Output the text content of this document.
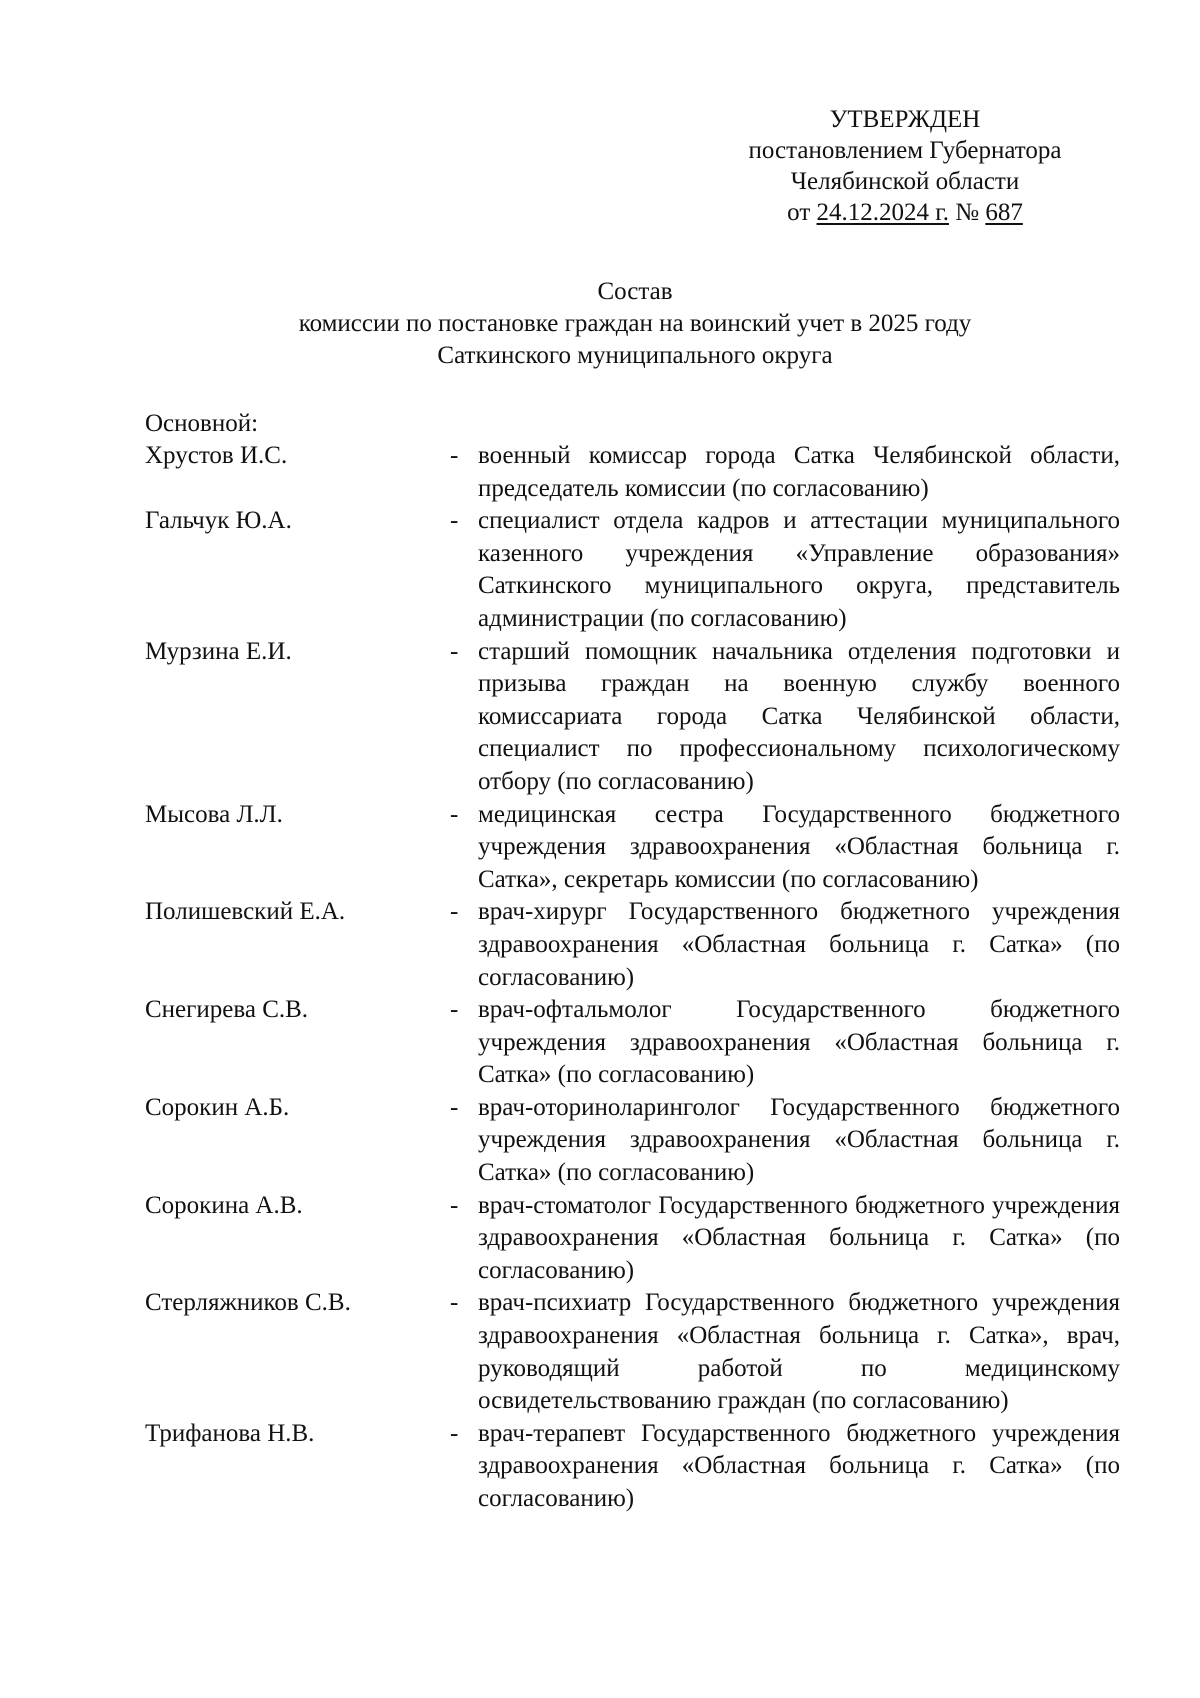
УТВЕРЖДЕН
постановлением Губернатора
Челябинской области
от 24.12.2024 г. № 687
Состав
комиссии по постановке граждан на воинский учет в 2025 году
Саткинского муниципального округа
Основной:
Хрустов И.С.	- военный комиссар города Сатка Челябинской области, председатель комиссии (по согласованию)
Гальчук Ю.А.	- специалист отдела кадров и аттестации муниципального казенного учреждения «Управление образования» Саткинского муниципального округа, представитель администрации (по согласованию)
Мурзина Е.И.	- старший помощник начальника отделения подготовки и призыва граждан на военную службу военного комиссариата города Сатка Челябинской области, специалист по профессиональному психологическому отбору (по согласованию)
Мысова Л.Л.	- медицинская сестра Государственного бюджетного учреждения здравоохранения «Областная больница г. Сатка», секретарь комиссии (по согласованию)
Полишевский Е.А.	- врач-хирург Государственного бюджетного учреждения здравоохранения «Областная больница г. Сатка» (по согласованию)
Снегирева С.В.	- врач-офтальмолог Государственного бюджетного учреждения здравоохранения «Областная больница г. Сатка» (по согласованию)
Сорокин А.Б.	- врач-оториноларинголог Государственного бюджетного учреждения здравоохранения «Областная больница г. Сатка» (по согласованию)
Сорокина А.В.	- врач-стоматолог Государственного бюджетного учреждения здравоохранения «Областная больница г. Сатка» (по согласованию)
Стерляжников С.В.	- врач-психиатр Государственного бюджетного учреждения здравоохранения «Областная больница г. Сатка», врач, руководящий работой по медицинскому освидетельствованию граждан (по согласованию)
Трифанова Н.В.	- врач-терапевт Государственного бюджетного учреждения здравоохранения «Областная больница г. Сатка» (по согласованию)
